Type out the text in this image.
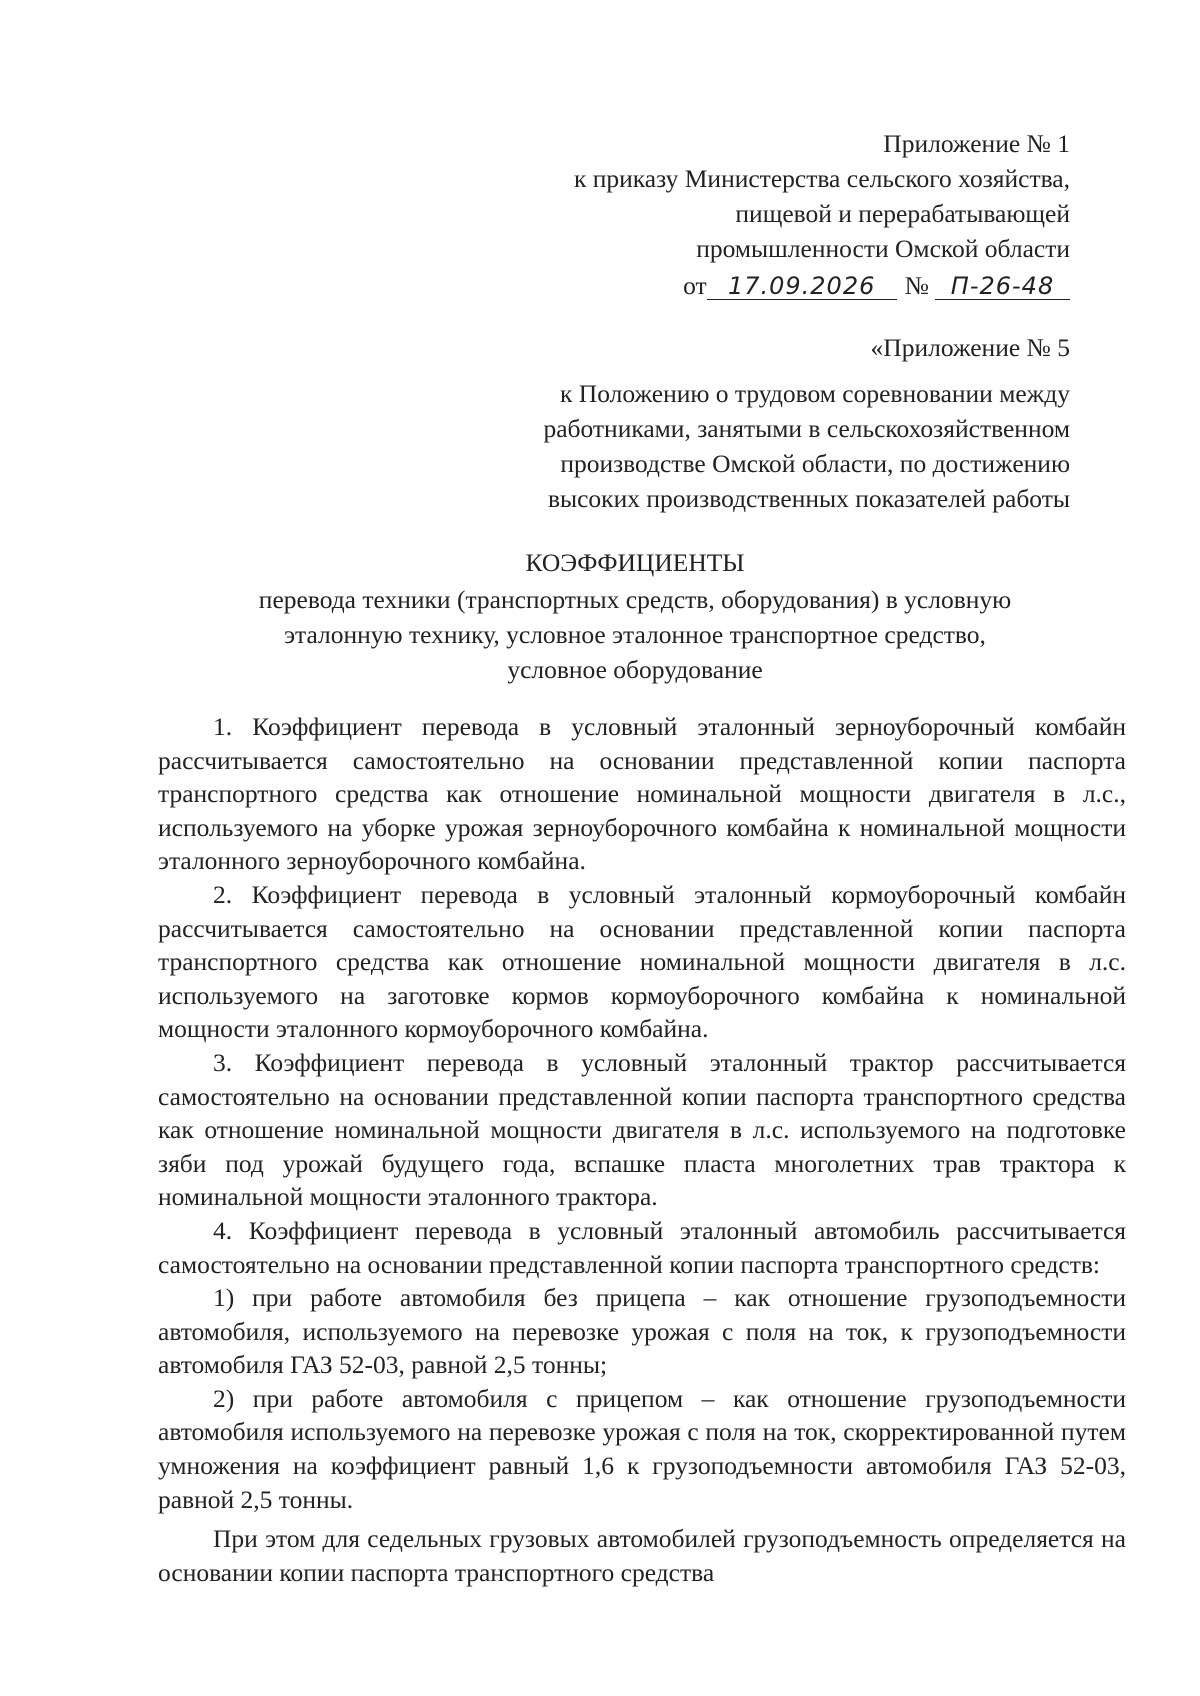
Приложение № 1
к приказу Министерства сельского хозяйства,
пищевой и перерабатывающей
промышленности Омской области
от 17.09.2026 № П-26-48
«Приложение № 5
к Положению о трудовом соревновании между
работниками, занятыми в сельскохозяйственном
производстве Омской области, по достижению
высоких производственных показателей работы
КОЭФФИЦИЕНТЫ
перевода техники (транспортных средств, оборудования) в условную
эталонную технику, условное эталонное транспортное средство,
условное оборудование

1. Коэффициент перевода в условный эталонный зерноуборочный комбайн рассчитывается самостоятельно на основании представленной копии паспорта транспортного средства как отношение номинальной мощности двигателя в л.с., используемого на уборке урожая зерноуборочного комбайна к номинальной мощности эталонного зерноуборочного комбайна.

2. Коэффициент перевода в условный эталонный кормоуборочный комбайн рассчитывается самостоятельно на основании представленной копии паспорта транспортного средства как отношение номинальной мощности двигателя в л.с. используемого на заготовке кормов кормоуборочного комбайна к номинальной мощности эталонного кормоуборочного комбайна.

3. Коэффициент перевода в условный эталонный трактор рассчитывается самостоятельно на основании представленной копии паспорта транспортного средства как отношение номинальной мощности двигателя в л.с. используемого на подготовке зяби под урожай будущего года, вспашке пласта многолетних трав трактора к номинальной мощности эталонного трактора.

4. Коэффициент перевода в условный эталонный автомобиль рассчитывается самостоятельно на основании представленной копии паспорта транспортного средств:

1) при работе автомобиля без прицепа – как отношение грузоподъемности автомобиля, используемого на перевозке урожая с поля на ток, к грузоподъемности автомобиля ГАЗ 52-03, равной 2,5 тонны;

2) при работе автомобиля с прицепом – как отношение грузоподъемности автомобиля используемого на перевозке урожая с поля на ток, скорректированной путем умножения на коэффициент равный 1,6 к грузоподъемности автомобиля ГАЗ 52-03, равной 2,5 тонны.

При этом для седельных грузовых автомобилей грузоподъемность определяется на основании копии паспорта транспортного средства
